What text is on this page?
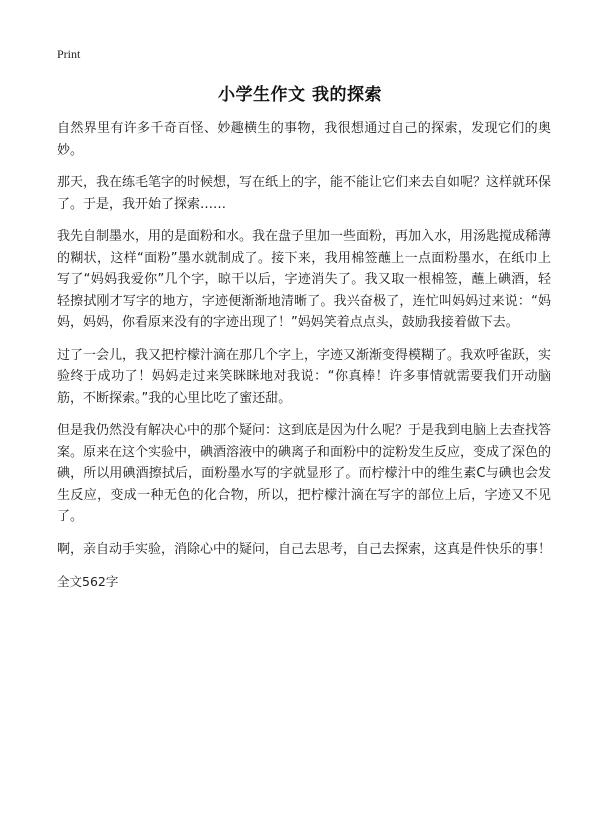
Print
小学生作文 我的探索

自然界里有许多千奇百怪、妙趣横生的事物，我很想通过自己的探索，发现它们的奥妙。

那天，我在练毛笔字的时候想，写在纸上的字，能不能让它们来去自如呢？这样就环保了。于是，我开始了探索……

我先自制墨水，用的是面粉和水。我在盘子里加一些面粉，再加入水，用汤匙搅成稀薄的糊状，这样“面粉”墨水就制成了。接下来，我用棉签蘸上一点面粉墨水，在纸巾上写了“妈妈我爱你”几个字，晾干以后，字迹消失了。我又取一根棉签，蘸上碘酒，轻轻擦拭刚才写字的地方，字迹便渐渐地清晰了。我兴奋极了，连忙叫妈妈过来说：“妈妈，妈妈，你看原来没有的字迹出现了！”妈妈笑着点点头，鼓励我接着做下去。

过了一会儿，我又把柠檬汁滴在那几个字上，字迹又渐渐变得模糊了。我欢呼雀跃，实验终于成功了！妈妈走过来笑眯眯地对我说：“你真棒！许多事情就需要我们开动脑筋，不断探索。”我的心里比吃了蜜还甜。

但是我仍然没有解决心中的那个疑问：这到底是因为什么呢？于是我到电脑上去查找答案。原来在这个实验中，碘酒溶液中的碘离子和面粉中的淀粉发生反应，变成了深色的碘，所以用碘酒擦拭后，面粉墨水写的字就显形了。而柠檬汁中的维生素C与碘也会发生反应，变成一种无色的化合物，所以，把柠檬汁滴在写字的部位上后，字迹又不见了。

啊，亲自动手实验，消除心中的疑问，自己去思考，自己去探索，这真是件快乐的事！

全文562字
